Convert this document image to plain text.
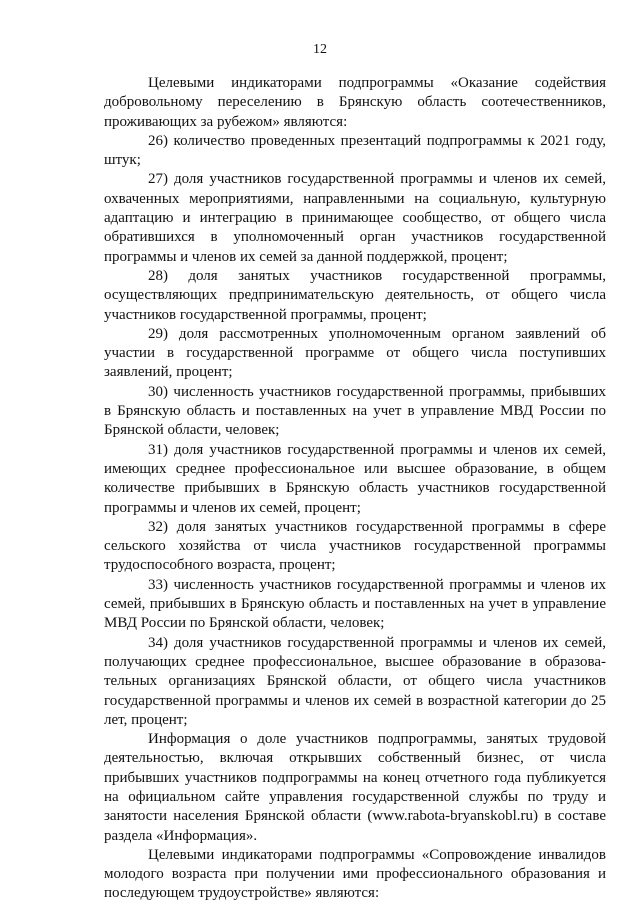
12

Целевыми индикаторами подпрограммы «Оказание содействия добровольному переселению в Брянскую область соотечественников, проживающих за рубежом» являются:

26) количество проведенных презентаций подпрограммы к 2021 году, штук;

27) доля участников государственной программы и членов их семей, охваченных мероприятиями, направленными на социальную, культурную адаптацию и интеграцию в принимающее сообщество, от общего числа обратившихся в уполномоченный орган участников государственной программы и членов их семей за данной поддержкой, процент;

28) доля занятых участников государственной программы, осуществляющих предпринимательскую деятельность, от общего числа участников государственной программы, процент;

29) доля рассмотренных уполномоченным органом заявлений об участии в государственной программе от общего числа поступивших заявлений, процент;

30) численность участников государственной программы, прибывших в Брянскую область и поставленных на учет в управление МВД России по Брянской области, человек;

31) доля участников государственной программы и членов их семей, имеющих среднее профессиональное или высшее образование, в общем количестве прибывших в Брянскую область участников государственной программы и членов их семей, процент;

32) доля занятых участников государственной программы в сфере сельского хозяйства от числа участников государственной программы трудоспособного возраста, процент;

33) численность участников государственной программы и членов их семей, прибывших в Брянскую область и поставленных на учет в управление МВД России по Брянской области, человек;

34) доля участников государственной программы и членов их семей, получающих среднее профессиональное, высшее образование в образовательных организациях Брянской области, от общего числа участников государственной программы и членов их семей в возрастной категории до 25 лет, процент;

Информация о доле участников подпрограммы, занятых трудовой деятельностью, включая открывших собственный бизнес, от числа прибывших участников подпрограммы на конец отчетного года публикуется на официальном сайте управления государственной службы по труду и занятости населения Брянской области (www.rabota-bryanskobl.ru) в составе раздела «Информация».

Целевыми индикаторами подпрограммы «Сопровождение инвалидов молодого возраста при получении ими профессионального образования и последующем трудоустройстве» являются:
